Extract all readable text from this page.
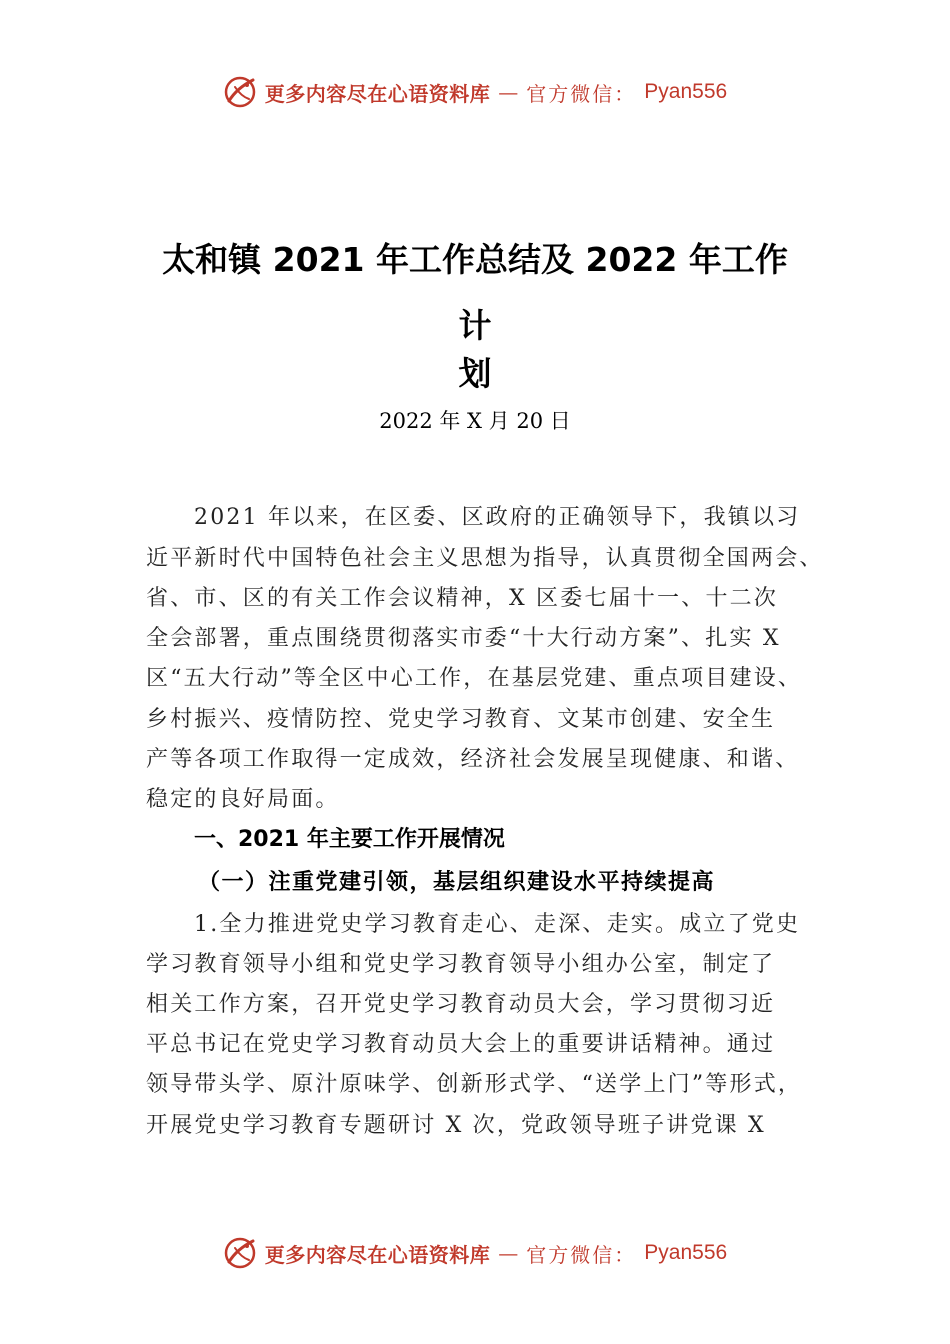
更多内容尽在心语资料库 — 官方微信： Pyan556
太和镇 2021 年工作总结及 2022 年工作
计
划
2022 年 X 月 20 日
2021 年以来，在区委、区政府的正确领导下，我镇以习
近平新时代中国特色社会主义思想为指导，认真贯彻全国两会、
省、市、区的有关工作会议精神，X 区委七届十一、十二次
全会部署，重点围绕贯彻落实市委“十大行动方案”、扎实 X
区“五大行动”等全区中心工作，在基层党建、重点项目建设、
乡村振兴、疫情防控、党史学习教育、文某市创建、安全生
产等各项工作取得一定成效，经济社会发展呈现健康、和谐、
稳定的良好局面。
一、2021 年主要工作开展情况
（一）注重党建引领，基层组织建设水平持续提高
1.全力推进党史学习教育走心、走深、走实。成立了党史
学习教育领导小组和党史学习教育领导小组办公室，制定了
相关工作方案，召开党史学习教育动员大会，学习贯彻习近
平总书记在党史学习教育动员大会上的重要讲话精神。通过
领导带头学、原汁原味学、创新形式学、“送学上门”等形式，
开展党史学习教育专题研讨 X 次，党政领导班子讲党课 X
更多内容尽在心语资料库 — 官方微信： Pyan556
